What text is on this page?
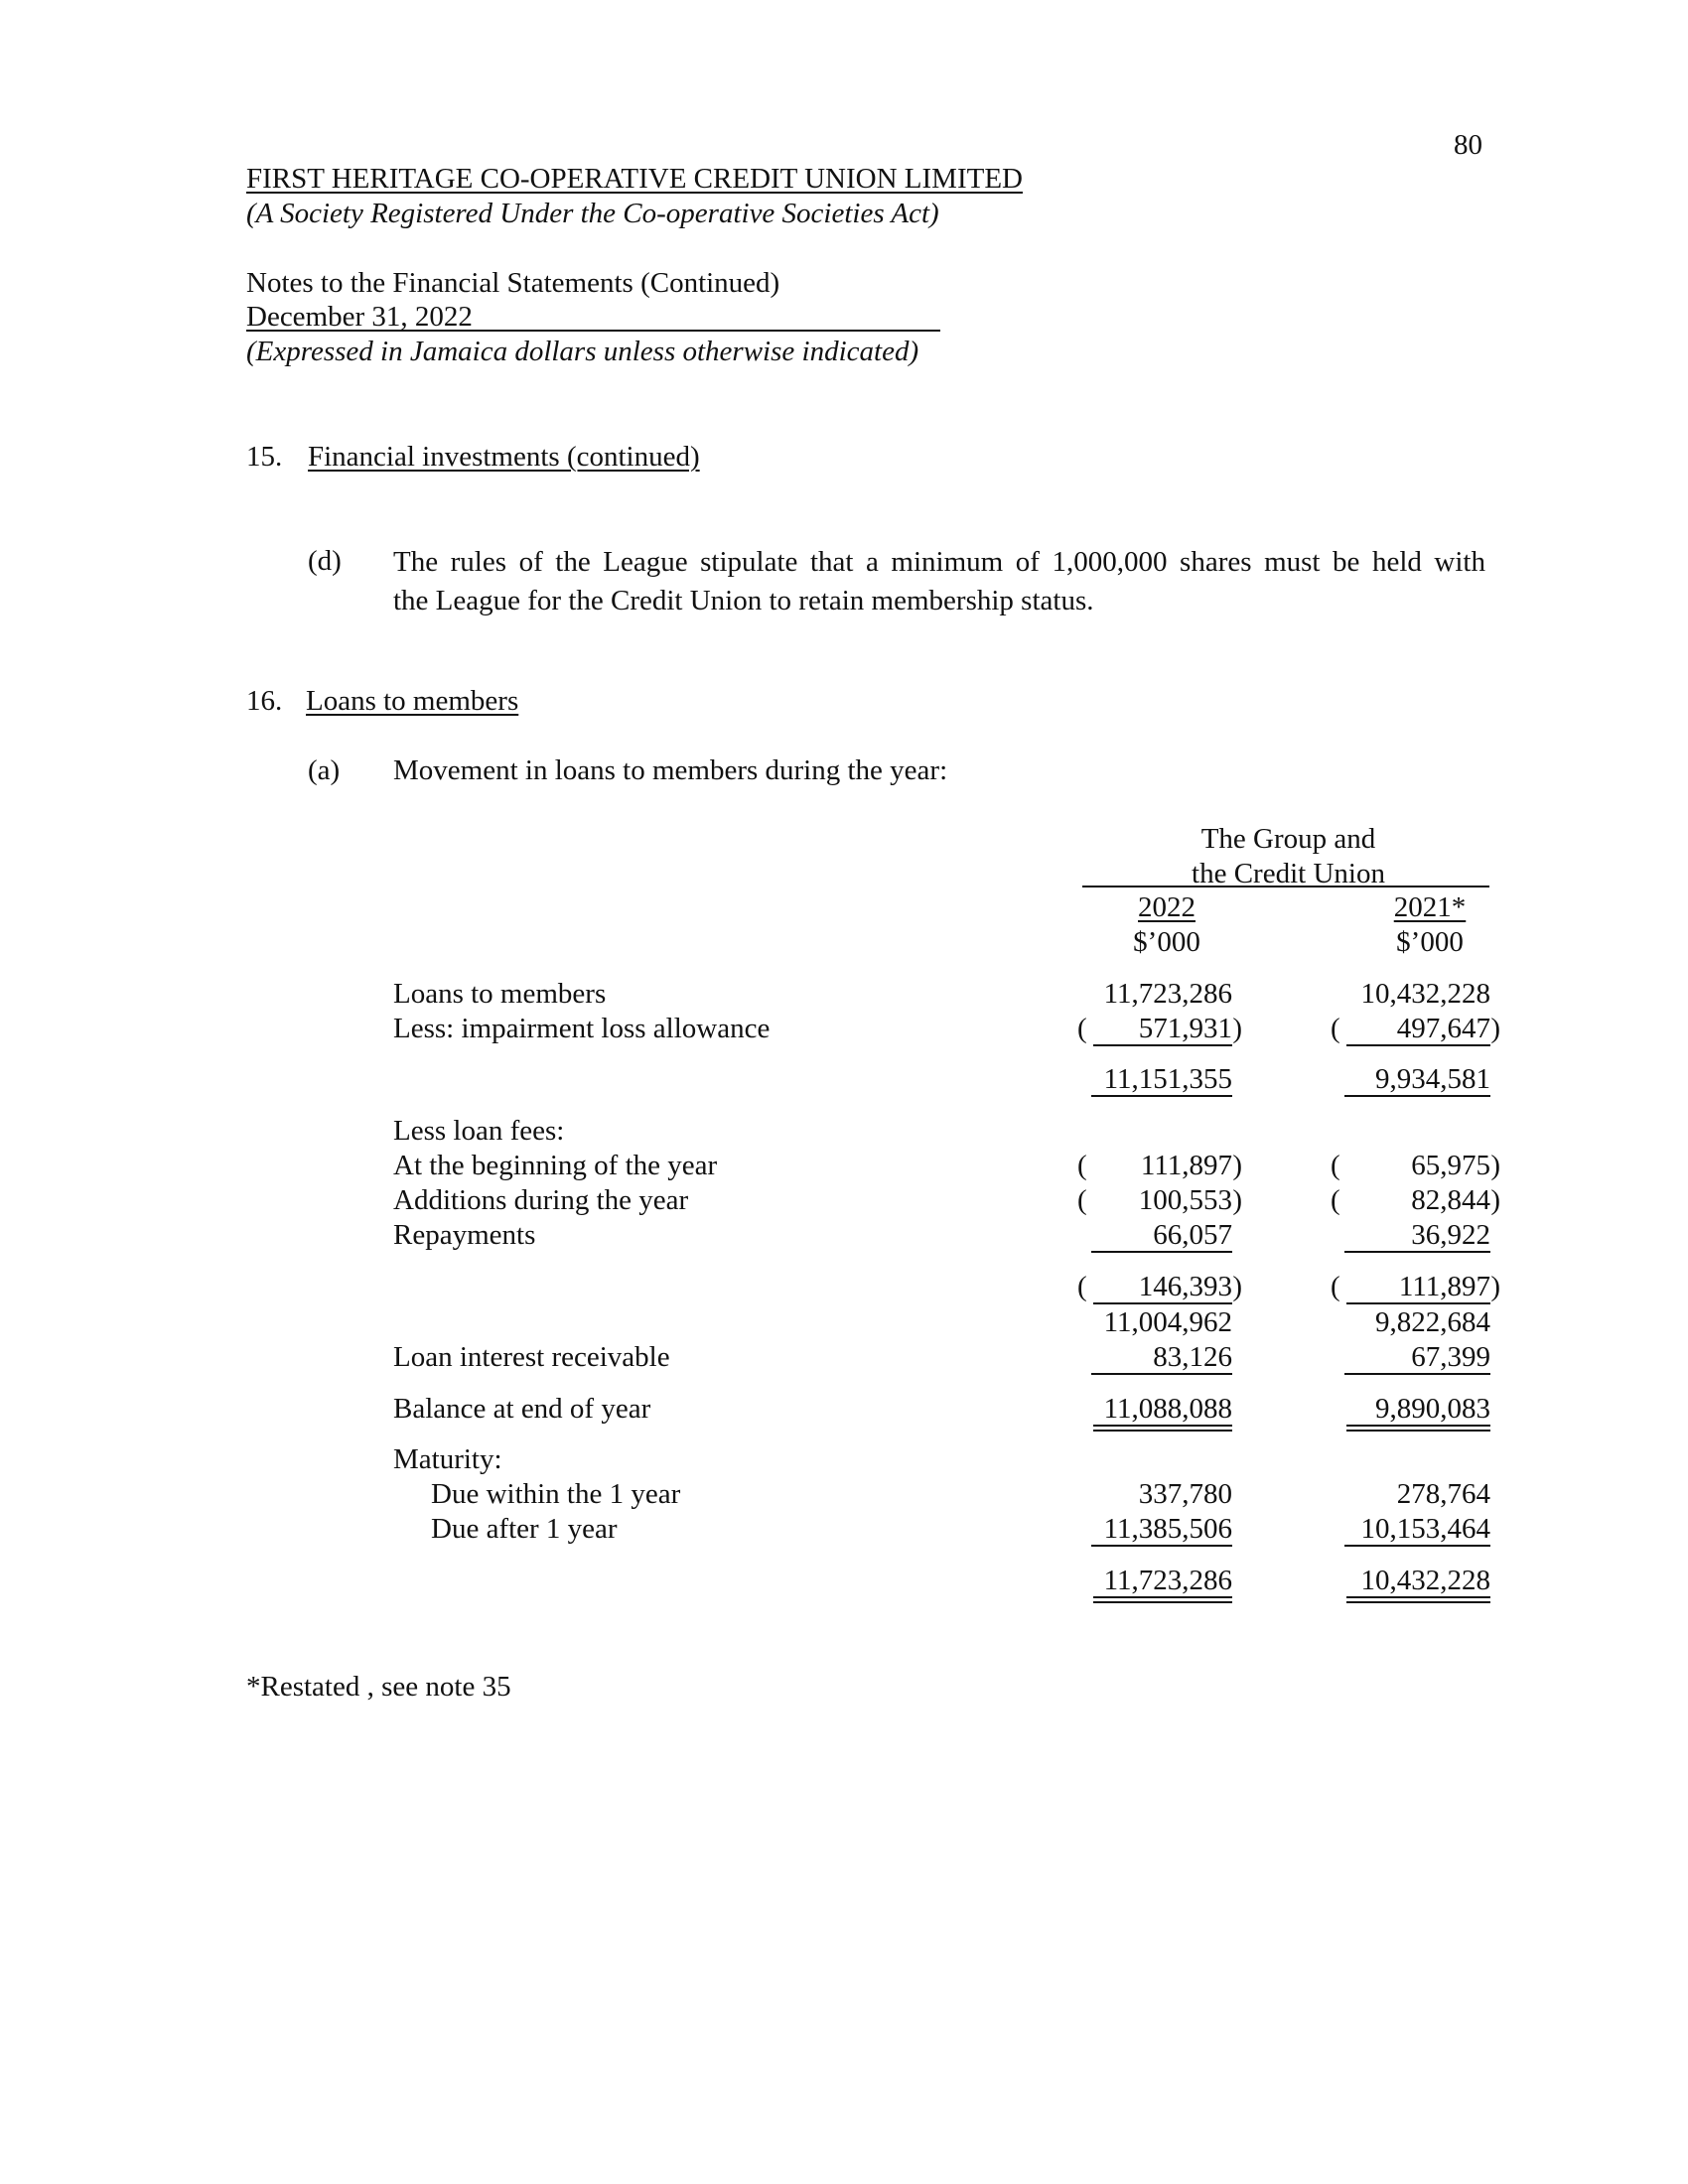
80
FIRST HERITAGE CO-OPERATIVE CREDIT UNION LIMITED
(A Society Registered Under the Co-operative Societies Act)
Notes to the Financial Statements (Continued)
December 31, 2022
(Expressed in Jamaica dollars unless otherwise indicated)
15. Financial investments (continued)
(d) The rules of the League stipulate that a minimum of 1,000,000 shares must be held with
the League for the Credit Union to retain membership status.
16. Loans to members
(a) Movement in loans to members during the year:
The Group and
the Credit Union
2022	2021*
$’000	$’000
Loans to members	11,723,286	10,432,228
Less: impairment loss allowance	( 571,931 )	( 497,647 )
11,151,355	9,934,581
Less loan fees:
At the beginning of the year	( 111,897 )	( 65,975 )
Additions during the year	( 100,553 )	( 82,844 )
Repayments	66,057	36,922
( 146,393 )	( 111,897 )
11,004,962	9,822,684
Loan interest receivable	83,126	67,399
Balance at end of year	11,088,088	9,890,083
Maturity:
Due within the 1 year	337,780	278,764
Due after 1 year	11,385,506	10,153,464
11,723,286	10,432,228
*Restated , see note 35
